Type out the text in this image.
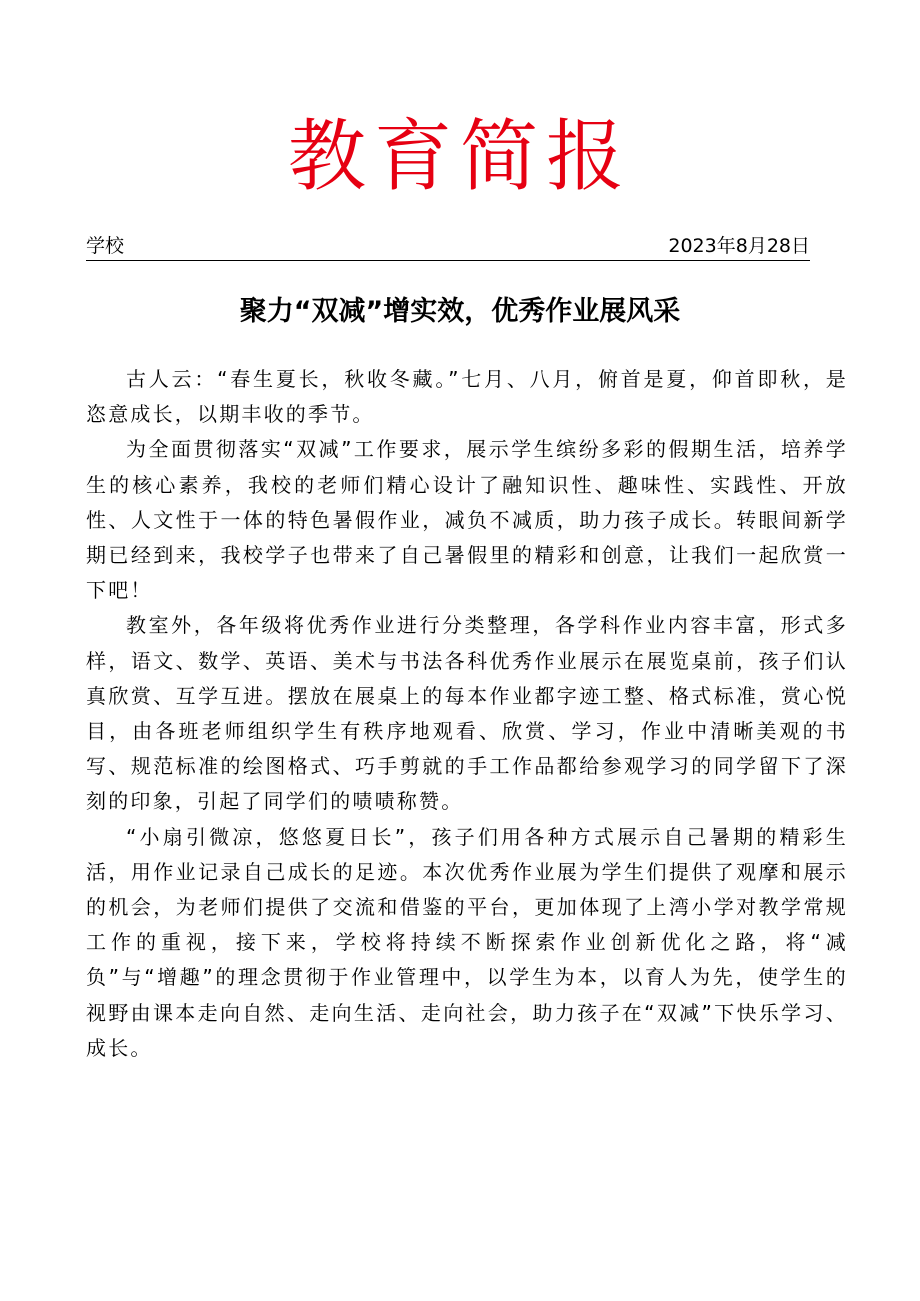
教育简报
学校	2023年8月28日
聚力“双减”增实效，优秀作业展风采

古人云：“春生夏长，秋收冬藏。”七月、八月，俯首是夏，仰首即秋，是恣意成长，以期丰收的季节。

为全面贯彻落实“双减”工作要求，展示学生缤纷多彩的假期生活，培养学生的核心素养，我校的老师们精心设计了融知识性、趣味性、实践性、开放性、人文性于一体的特色暑假作业，减负不减质，助力孩子成长。转眼间新学期已经到来，我校学子也带来了自己暑假里的精彩和创意，让我们一起欣赏一下吧！

教室外，各年级将优秀作业进行分类整理，各学科作业内容丰富，形式多样，语文、数学、英语、美术与书法各科优秀作业展示在展览桌前，孩子们认真欣赏、互学互进。摆放在展桌上的每本作业都字迹工整、格式标准，赏心悦目，由各班老师组织学生有秩序地观看、欣赏、学习，作业中清晰美观的书写、规范标准的绘图格式、巧手剪就的手工作品都给参观学习的同学留下了深刻的印象，引起了同学们的啧啧称赞。

“小扇引微凉，悠悠夏日长”，孩子们用各种方式展示自己暑期的精彩生活，用作业记录自己成长的足迹。本次优秀作业展为学生们提供了观摩和展示的机会，为老师们提供了交流和借鉴的平台，更加体现了上湾小学对教学常规工作的重视，接下来，学校将持续不断探索作业创新优化之路，将“减负”与“增趣”的理念贯彻于作业管理中，以学生为本，以育人为先，使学生的视野由课本走向自然、走向生活、走向社会，助力孩子在“双减”下快乐学习、成长。
